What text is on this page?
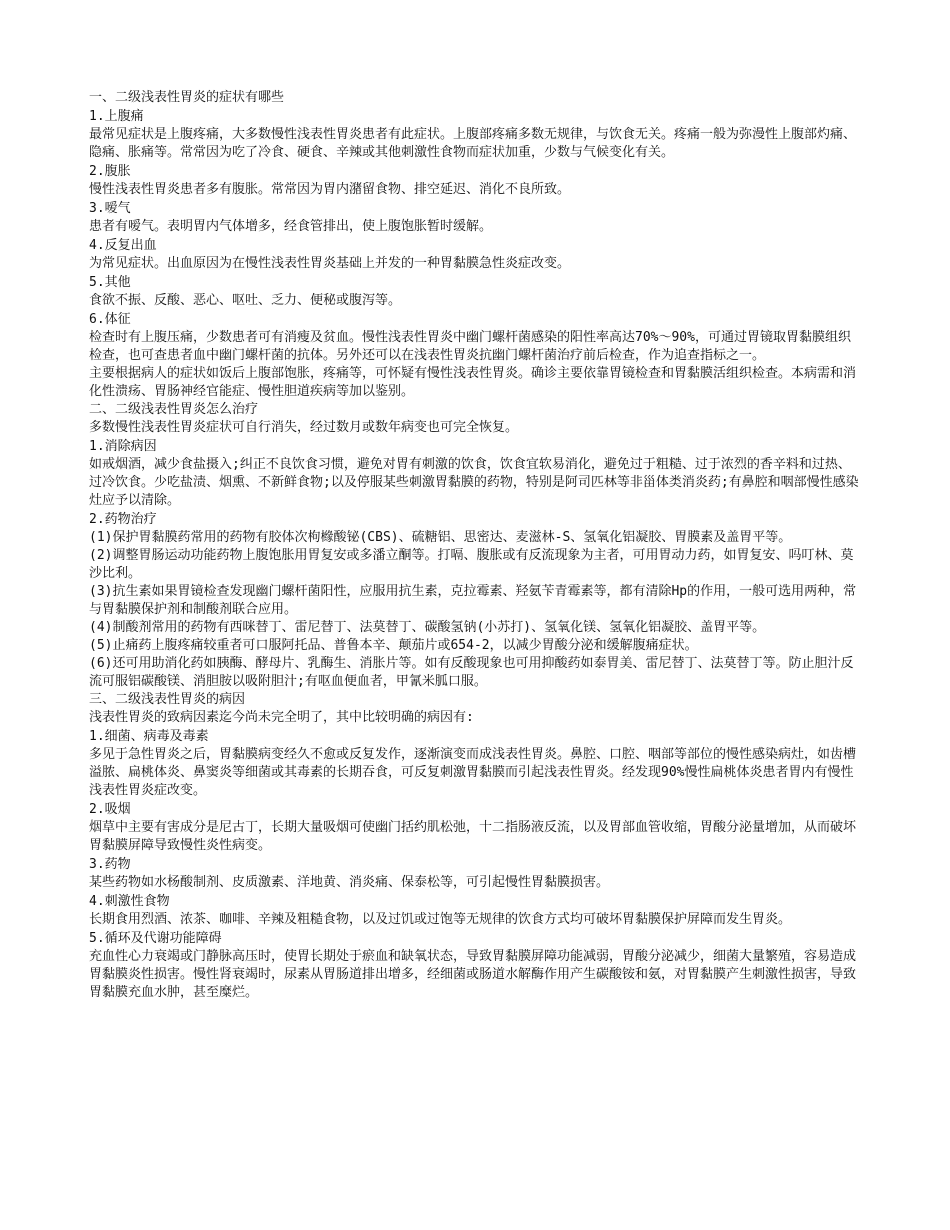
一、二级浅表性胃炎的症状有哪些

1.上腹痛

最常见症状是上腹疼痛，大多数慢性浅表性胃炎患者有此症状。上腹部疼痛多数无规律，与饮食无关。疼痛一般为弥漫性上腹部灼痛、隐痛、胀痛等。常常因为吃了冷食、硬食、辛辣或其他刺激性食物而症状加重，少数与气候变化有关。

2.腹胀

慢性浅表性胃炎患者多有腹胀。常常因为胃内潴留食物、排空延迟、消化不良所致。

3.嗳气

患者有嗳气。表明胃内气体增多，经食管排出，使上腹饱胀暂时缓解。

4.反复出血

为常见症状。出血原因为在慢性浅表性胃炎基础上并发的一种胃黏膜急性炎症改变。

5.其他

食欲不振、反酸、恶心、呕吐、乏力、便秘或腹泻等。

6.体征

检查时有上腹压痛，少数患者可有消瘦及贫血。慢性浅表性胃炎中幽门螺杆菌感染的阳性率高达70%～90%，可通过胃镜取胃黏膜组织检查，也可查患者血中幽门螺杆菌的抗体。另外还可以在浅表性胃炎抗幽门螺杆菌治疗前后检查，作为追查指标之一。

主要根据病人的症状如饭后上腹部饱胀，疼痛等，可怀疑有慢性浅表性胃炎。确诊主要依靠胃镜检查和胃黏膜活组织检查。本病需和消化性溃疡、胃肠神经官能症、慢性胆道疾病等加以鉴别。

二、二级浅表性胃炎怎么治疗

多数慢性浅表性胃炎症状可自行消失，经过数月或数年病变也可完全恢复。

1.消除病因

如戒烟酒，减少食盐摄入;纠正不良饮食习惯，避免对胃有刺激的饮食，饮食宜软易消化，避免过于粗糙、过于浓烈的香辛料和过热、过冷饮食。少吃盐渍、烟熏、不新鲜食物;以及停服某些刺激胃黏膜的药物，特别是阿司匹林等非甾体类消炎药;有鼻腔和咽部慢性感染灶应予以清除。

2.药物治疗

(1)保护胃黏膜药常用的药物有胶体次枸橼酸铋(CBS)、硫糖铝、思密达、麦滋林-S、氢氧化铝凝胶、胃膜素及盖胃平等。

(2)调整胃肠运动功能药物上腹饱胀用胃复安或多潘立酮等。打嗝、腹胀或有反流现象为主者，可用胃动力药，如胃复安、吗叮林、莫沙比利。

(3)抗生素如果胃镜检查发现幽门螺杆菌阳性，应服用抗生素，克拉霉素、羟氨苄青霉素等，都有清除Hp的作用，一般可选用两种，常与胃黏膜保护剂和制酸剂联合应用。

(4)制酸剂常用的药物有西咪替丁、雷尼替丁、法莫替丁、碳酸氢钠(小苏打)、氢氧化镁、氢氧化铝凝胶、盖胃平等。

(5)止痛药上腹疼痛较重者可口服阿托品、普鲁本辛、颠茄片或654-2，以减少胃酸分泌和缓解腹痛症状。

(6)还可用助消化药如胰酶、酵母片、乳酶生、消胀片等。如有反酸现象也可用抑酸药如泰胃美、雷尼替丁、法莫替丁等。防止胆汁反流可服铝碳酸镁、消胆胺以吸附胆汁;有呕血便血者，甲氰米胍口服。

三、二级浅表性胃炎的病因

浅表性胃炎的致病因素迄今尚未完全明了，其中比较明确的病因有:

1.细菌、病毒及毒素

多见于急性胃炎之后，胃黏膜病变经久不愈或反复发作，逐渐演变而成浅表性胃炎。鼻腔、口腔、咽部等部位的慢性感染病灶，如齿槽溢脓、扁桃体炎、鼻窦炎等细菌或其毒素的长期吞食，可反复刺激胃黏膜而引起浅表性胃炎。经发现90%慢性扁桃体炎患者胃内有慢性浅表性胃炎症改变。

2.吸烟

烟草中主要有害成分是尼古丁，长期大量吸烟可使幽门括约肌松弛，十二指肠液反流，以及胃部血管收缩，胃酸分泌量增加，从而破坏胃黏膜屏障导致慢性炎性病变。

3.药物

某些药物如水杨酸制剂、皮质激素、洋地黄、消炎痛、保泰松等，可引起慢性胃黏膜损害。

4.刺激性食物

长期食用烈酒、浓茶、咖啡、辛辣及粗糙食物，以及过饥或过饱等无规律的饮食方式均可破坏胃黏膜保护屏障而发生胃炎。

5.循环及代谢功能障碍

充血性心力衰竭或门静脉高压时，使胃长期处于瘀血和缺氧状态，导致胃黏膜屏障功能减弱，胃酸分泌减少，细菌大量繁殖，容易造成胃黏膜炎性损害。慢性肾衰竭时，尿素从胃肠道排出增多，经细菌或肠道水解酶作用产生碳酸铵和氨，对胃黏膜产生刺激性损害，导致胃黏膜充血水肿，甚至糜烂。
